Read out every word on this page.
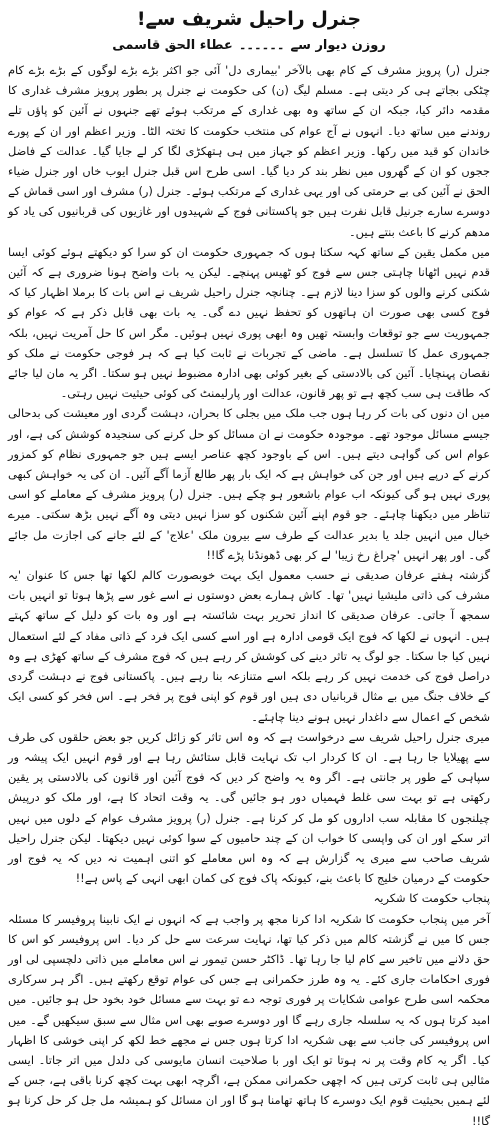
جنرل راحیل شریف سے!
روزن دیوار سے۔۔۔۔۔۔عطاء الحق قاسمی

جنرل (ر) پرویز مشرف کے کام بھی بالآخر 'بیماری دل' آئی جو اکثر بڑے بڑے لوگوں کے بڑے بڑے کام چٹکی بجاتے ہی کر دیتی ہے۔ مسلم لیگ (ن) کی حکومت نے جنرل پر بطور پرویز مشرف غداری کا مقدمہ دائر کیا، جبکہ ان کے ساتھ وہ بھی غداری کے مرتکب ہوئے تھے جنہوں نے آئین کو پاؤں تلے روندنے میں ساتھ دیا۔ انہوں نے آج عوام کی منتخب حکومت کا تختہ الٹا۔ وزیر اعظم اور ان کے پورے خاندان کو قید میں رکھا۔ وزیر اعظم کو جہاز میں ہی ہتھکڑی لگا کر لے جایا گیا۔ عدالت کے فاضل ججوں کو ان کے گھروں میں نظر بند کر دیا گیا۔ اسی طرح اس قبل جنرل ایوب خاں اور جنرل ضیاء الحق نے آئین کی بے حرمتی کی اور یہی غداری کے مرتکب ہوئے۔ جنرل (ر) مشرف اور اسی قماش کے دوسرے سارے جرنیل قابل نفرت ہیں جو پاکستانی فوج کے شہیدوں اور غازیوں کی قربانیوں کی یاد کو مدھم کرنے کا باعث بنتے ہیں۔

میں مکمل یقین کے ساتھ کہہ سکتا ہوں کہ جمہوری حکومت ان کو سرا کو دیکھتے ہوئے کوئی ایسا قدم نہیں اٹھانا چاہتی جس سے فوج کو ٹھیس پہنچے۔ لیکن یہ بات واضح ہونا ضروری ہے کہ آئین شکنی کرنے والوں کو سزا دینا لازم ہے۔ چنانچہ جنرل راحیل شریف نے اس بات کا برملا اظہار کیا کہ فوج کسی بھی صورت ان ہاتھوں کو تحفظ نہیں دے گی۔ یہ بات بھی قابل ذکر ہے کہ عوام کو جمہوریت سے جو توقعات وابستہ تھیں وہ ابھی پوری نہیں ہوئیں۔ مگر اس کا حل آمریت نہیں، بلکہ جمہوری عمل کا تسلسل ہے۔ ماضی کے تجربات نے ثابت کیا ہے کہ ہر فوجی حکومت نے ملک کو نقصان پہنچایا۔ آئین کی بالادستی کے بغیر کوئی بھی ادارہ مضبوط نہیں ہو سکتا۔ اگر یہ مان لیا جائے کہ طاقت ہی سب کچھ ہے تو پھر قانون، عدالت اور پارلیمنٹ کی کوئی حیثیت نہیں رہتی۔

میں ان دنوں کی بات کر رہا ہوں جب ملک میں بجلی کا بحران، دہشت گردی اور معیشت کی بدحالی جیسے مسائل موجود تھے۔ موجودہ حکومت نے ان مسائل کو حل کرنے کی سنجیدہ کوشش کی ہے، اور عوام اس کی گواہی دیتے ہیں۔ اس کے باوجود کچھ عناصر ایسے ہیں جو جمہوری نظام کو کمزور کرنے کے درپے ہیں اور جن کی خواہش ہے کہ ایک بار پھر طالع آزما آگے آئیں۔ ان کی یہ خواہش کبھی پوری نہیں ہو گی کیونکہ اب عوام باشعور ہو چکے ہیں۔ جنرل (ر) پرویز مشرف کے معاملے کو اسی تناظر میں دیکھنا چاہئے۔ جو قوم اپنے آئین شکنوں کو سزا نہیں دیتی وہ آگے نہیں بڑھ سکتی۔ میرے خیال میں انہیں جلد یا بدیر عدالت کے طرف سے بیرون ملک 'علاج' کے لئے جانے کی اجازت مل جائے گی۔ اور پھر انہیں 'چراغ رخ زیبا' لے کر بھی ڈھونڈنا پڑے گا!!

گزشتہ ہفتے عرفان صدیقی نے حسب معمول ایک بہت خوبصورت کالم لکھا تھا جس کا عنوان 'یہ مشرف کی ذاتی ملیشیا نہیں' تھا۔ کاش ہمارے بعض دوستوں نے اسے غور سے پڑھا ہوتا تو انہیں بات سمجھ آ جاتی۔ عرفان صدیقی کا انداز تحریر بہت شائستہ ہے اور وہ بات کو دلیل کے ساتھ کہتے ہیں۔ انہوں نے لکھا کہ فوج ایک قومی ادارہ ہے اور اسے کسی ایک فرد کے ذاتی مفاد کے لئے استعمال نہیں کیا جا سکتا۔ جو لوگ یہ تاثر دینے کی کوشش کر رہے ہیں کہ فوج مشرف کے ساتھ کھڑی ہے وہ دراصل فوج کی خدمت نہیں کر رہے بلکہ اسے متنازعہ بنا رہے ہیں۔ پاکستانی فوج نے دہشت گردی کے خلاف جنگ میں بے مثال قربانیاں دی ہیں اور قوم کو اپنی فوج پر فخر ہے۔ اس فخر کو کسی ایک شخص کے اعمال سے داغدار نہیں ہونے دینا چاہئے۔

میری جنرل راحیل شریف سے درخواست ہے کہ وہ اس تاثر کو زائل کریں جو بعض حلقوں کی طرف سے پھیلایا جا رہا ہے۔ ان کا کردار اب تک نہایت قابل ستائش رہا ہے اور قوم انہیں ایک پیشہ ور سپاہی کے طور پر جانتی ہے۔ اگر وہ یہ واضح کر دیں کہ فوج آئین اور قانون کی بالادستی پر یقین رکھتی ہے تو بہت سی غلط فہمیاں دور ہو جائیں گی۔ یہ وقت اتحاد کا ہے، اور ملک کو درپیش چیلنجوں کا مقابلہ سب اداروں کو مل کر کرنا ہے۔ جنرل (ر) پرویز مشرف عوام کے دلوں میں نہیں اتر سکے اور ان کی واپسی کا خواب ان کے چند حامیوں کے سوا کوئی نہیں دیکھتا۔ لیکن جنرل راحیل شریف صاحب سے میری یہ گزارش ہے کہ وہ اس معاملے کو اتنی اہمیت نہ دیں کہ یہ فوج اور حکومت کے درمیان خلیج کا باعث بنے، کیونکہ پاک فوج کی کمان ابھی انہی کے پاس ہے!!

پنجاب حکومت کا شکریہ

آخر میں پنجاب حکومت کا شکریہ ادا کرنا مجھ پر واجب ہے کہ انہوں نے ایک نابینا پروفیسر کا مسئلہ جس کا میں نے گزشتہ کالم میں ذکر کیا تھا، نہایت سرعت سے حل کر دیا۔ اس پروفیسر کو اس کا حق دلانے میں تاخیر سے کام لیا جا رہا تھا۔ ڈاکٹر حسن تیمور نے اس معاملے میں ذاتی دلچسپی لی اور فوری احکامات جاری کئے۔ یہ وہ طرز حکمرانی ہے جس کی عوام توقع رکھتے ہیں۔ اگر ہر سرکاری محکمہ اسی طرح عوامی شکایات پر فوری توجہ دے تو بہت سے مسائل خود بخود حل ہو جائیں۔ میں امید کرتا ہوں کہ یہ سلسلہ جاری رہے گا اور دوسرے صوبے بھی اس مثال سے سبق سیکھیں گے۔ میں اس پروفیسر کی جانب سے بھی شکریہ ادا کرتا ہوں جس نے مجھے خط لکھ کر اپنی خوشی کا اظہار کیا۔ اگر یہ کام وقت پر نہ ہوتا تو ایک اور با صلاحیت انسان مایوسی کی دلدل میں اتر جاتا۔ ایسی مثالیں ہی ثابت کرتی ہیں کہ اچھی حکمرانی ممکن ہے، اگرچہ ابھی بہت کچھ کرنا باقی ہے، جس کے لئے ہمیں بحیثیت قوم ایک دوسرے کا ہاتھ تھامنا ہو گا اور ان مسائل کو ہمیشہ مل جل کر حل کرنا ہو گا!!
